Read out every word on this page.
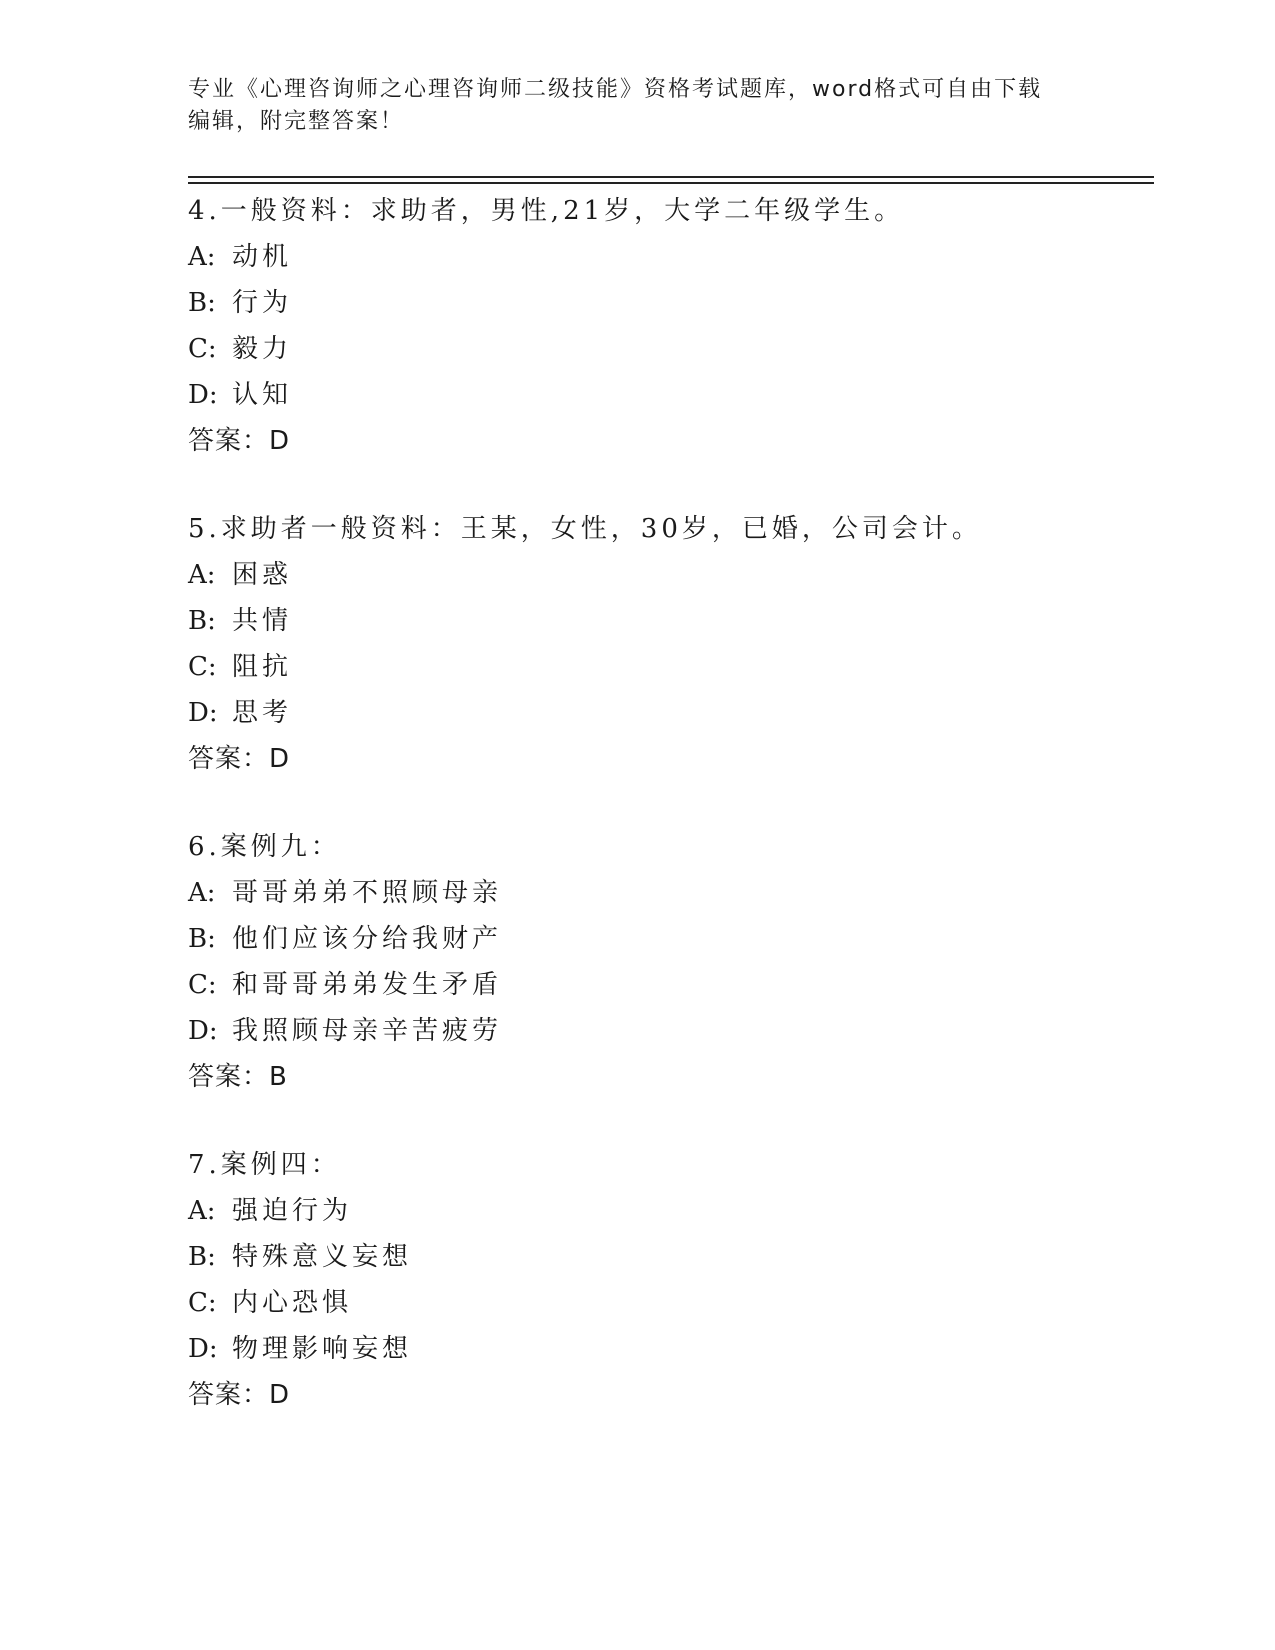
专业《心理咨询师之心理咨询师二级技能》资格考试题库，word格式可自由下载
编辑，附完整答案！
4.一般资料：求助者，男性,21岁，大学二年级学生。
A: 动机
B: 行为
C: 毅力
D: 认知
答案：D
5.求助者一般资料：王某，女性，30岁，已婚，公司会计。
A: 困惑
B: 共情
C: 阻抗
D: 思考
答案：D
6.案例九：
A: 哥哥弟弟不照顾母亲
B: 他们应该分给我财产
C: 和哥哥弟弟发生矛盾
D: 我照顾母亲辛苦疲劳
答案：B
7.案例四：
A: 强迫行为
B: 特殊意义妄想
C: 内心恐惧
D: 物理影响妄想
答案：D
